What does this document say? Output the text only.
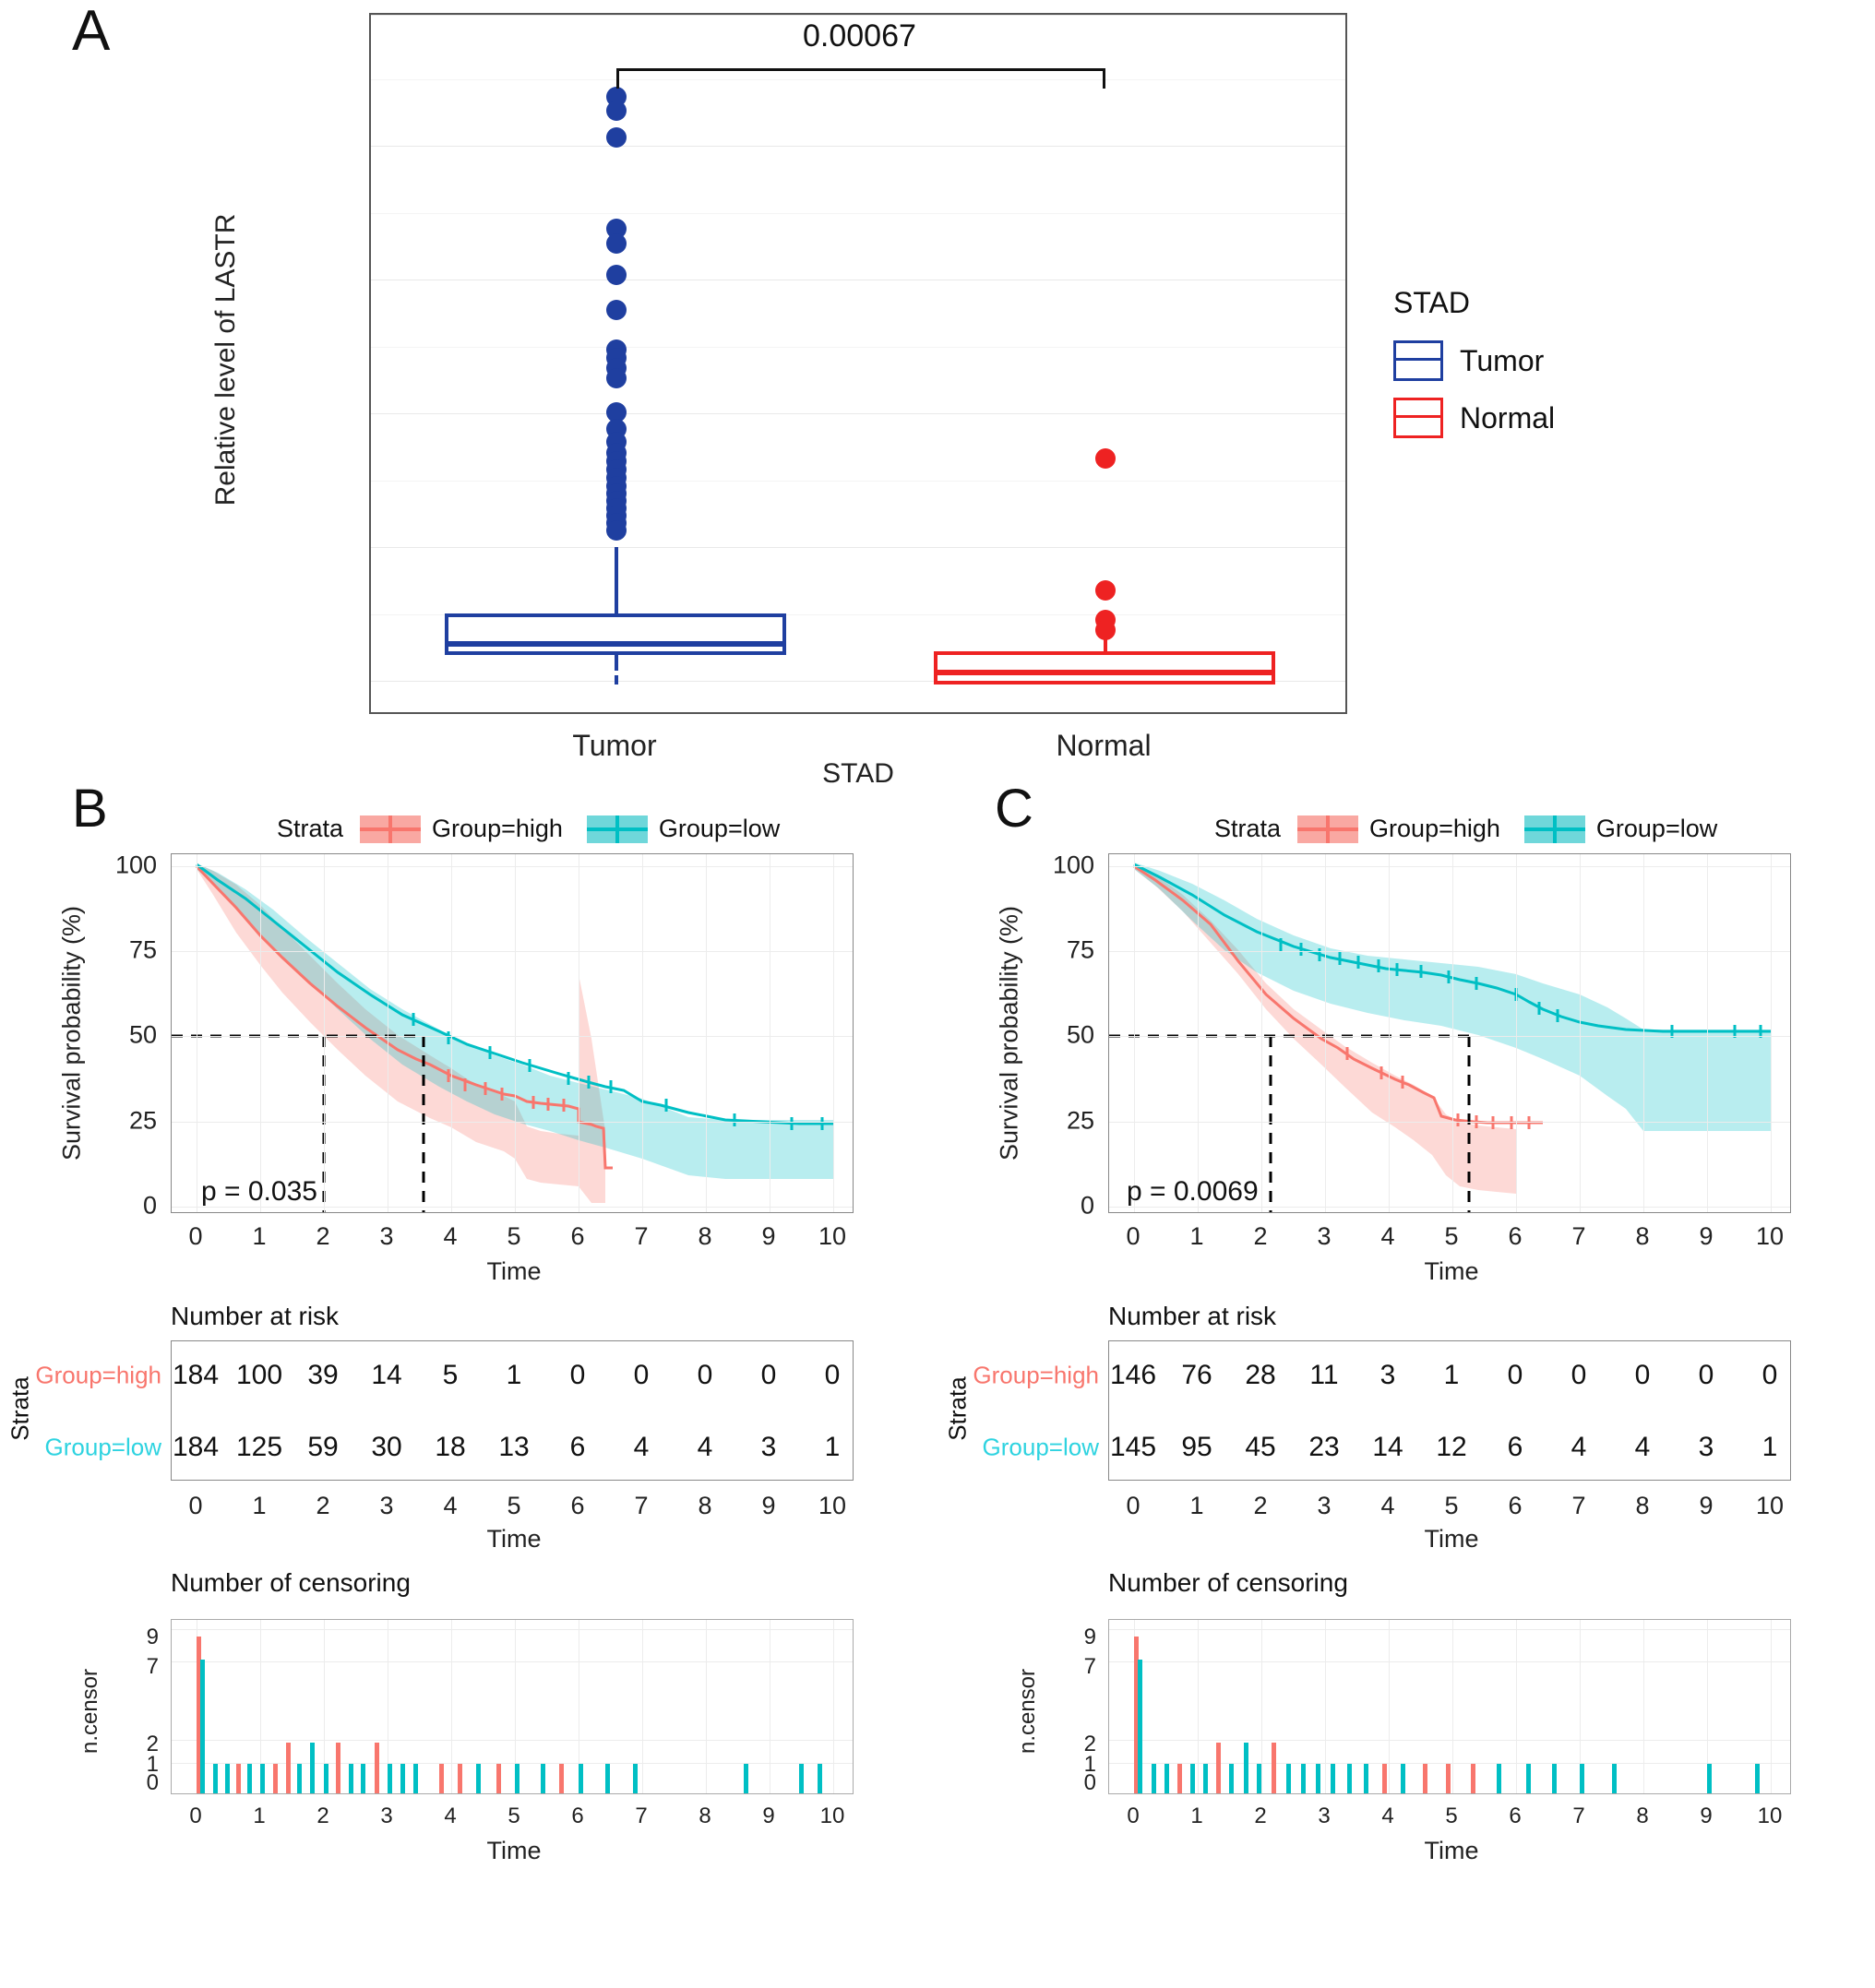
A
Relative level of LASTR
STAD
0.00067
Tumor	Normal
STAD
Tumor
Normal
B	Strata	Group=high	Group=low
Survival probability (%)
0
25
50
75
100
p = 0.035
0 1 2 3 4 5 6 7 8 9 10
Time
Number at risk
Strata
Group=high
Group=low
184 100 39 14 5 1 0 0 0 0 0
184 125 59 30 18 13 6 4 4 3 1
0 1 2 3 4 5 6 7 8 9 10
Time
Number of censoring
n.censor
0
1
2
7
9
0 1 2 3 4 5 6 7 8 9 10
Time
C	Strata	Group=high	Group=low
Survival probability (%)
0
25
50
75
100
p = 0.0069
0 1 2 3 4 5 6 7 8 9 10
Time
Number at risk
Strata
Group=high
Group=low
146 76 28 11 3 1 0 0 0 0 0
145 95 45 23 14 12 6 4 4 3 1
0 1 2 3 4 5 6 7 8 9 10
Time
Number of censoring
n.censor
0
1
2
7
9
0 1 2 3 4 5 6 7 8 9 10
Time
